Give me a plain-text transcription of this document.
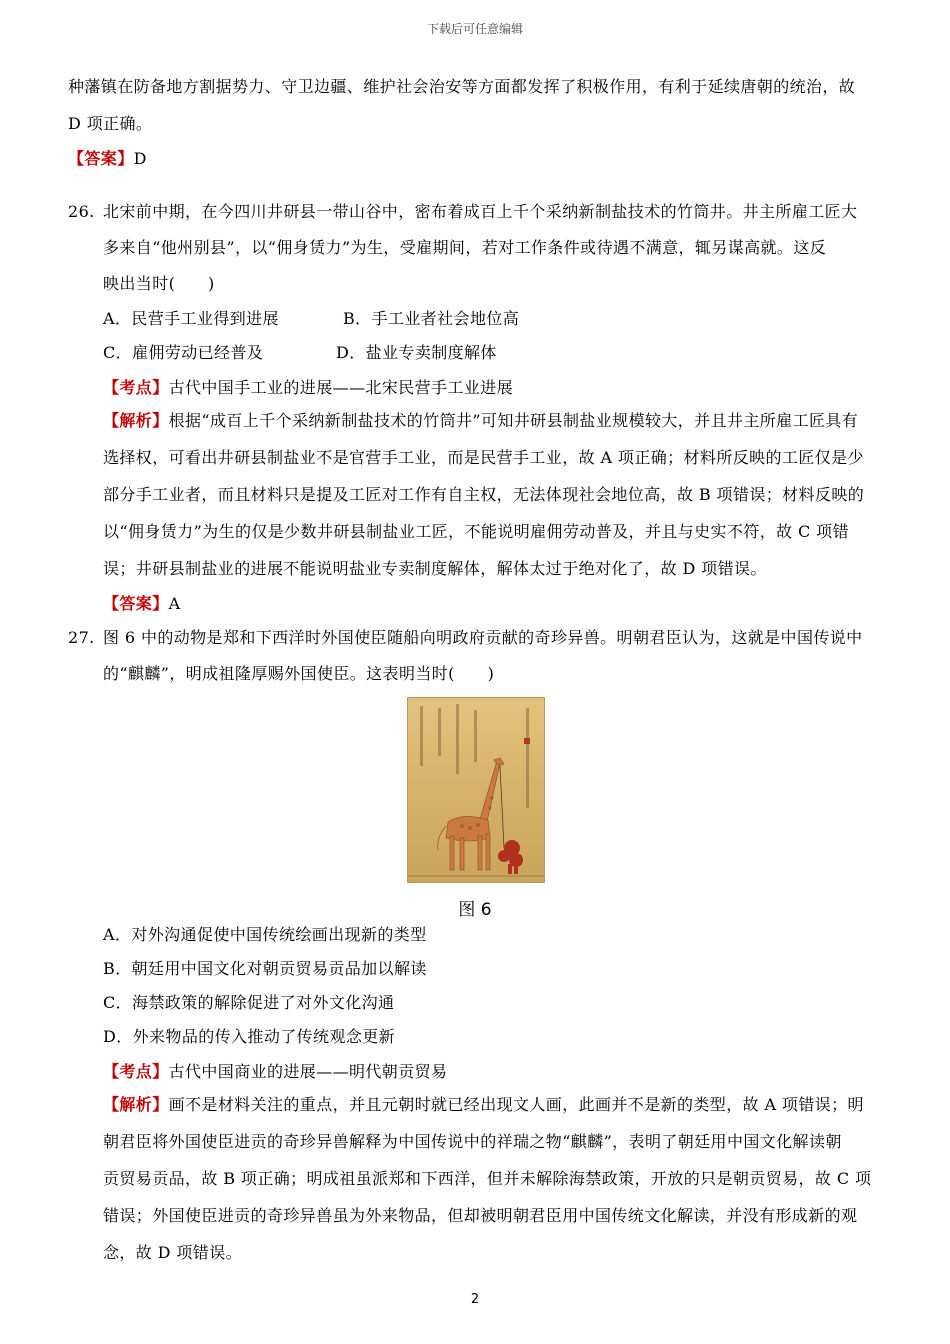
下载后可任意编辑
种藩镇在防备地方割据势力、守卫边疆、维护社会治安等方面都发挥了积极作用，有利于延续唐朝的统治，故
D 项正确。
【答案】D
26. 北宋前中期，在今四川井研县一带山谷中，密布着成百上千个采纳新制盐技术的竹筒井。井主所雇工匠大
多来自“他州别县”，以“佣身赁力”为生，受雇期间，若对工作条件或待遇不满意，辄另谋高就。这反
映出当时(　　)
A．民营手工业得到进展	B．手工业者社会地位高
C．雇佣劳动已经普及	D．盐业专卖制度解体
【考点】古代中国手工业的进展——北宋民营手工业进展
【解析】根据“成百上千个采纳新制盐技术的竹筒井”可知井研县制盐业规模较大，并且井主所雇工匠具有
选择权，可看出井研县制盐业不是官营手工业，而是民营手工业，故 A 项正确；材料所反映的工匠仅是少
部分手工业者，而且材料只是提及工匠对工作有自主权，无法体现社会地位高，故 B 项错误；材料反映的
以“佣身赁力”为生的仅是少数井研县制盐业工匠，不能说明雇佣劳动普及，并且与史实不符，故 C 项错
误；井研县制盐业的进展不能说明盐业专卖制度解体，解体太过于绝对化了，故 D 项错误。
【答案】A
27. 图 6 中的动物是郑和下西洋时外国使臣随船向明政府贡献的奇珍异兽。明朝君臣认为，这就是中国传说中
的“麒麟”，明成祖隆厚赐外国使臣。这表明当时(　　)
图 6
A．对外沟通促使中国传统绘画出现新的类型
B．朝廷用中国文化对朝贡贸易贡品加以解读
C．海禁政策的解除促进了对外文化沟通
D．外来物品的传入推动了传统观念更新
【考点】古代中国商业的进展——明代朝贡贸易
【解析】画不是材料关注的重点，并且元朝时就已经出现文人画，此画并不是新的类型，故 A 项错误；明
朝君臣将外国使臣进贡的奇珍异兽解释为中国传说中的祥瑞之物“麒麟”，表明了朝廷用中国文化解读朝
贡贸易贡品，故 B 项正确；明成祖虽派郑和下西洋，但并未解除海禁政策，开放的只是朝贡贸易，故 C 项
错误；外国使臣进贡的奇珍异兽虽为外来物品，但却被明朝君臣用中国传统文化解读，并没有形成新的观
念，故 D 项错误。
2
